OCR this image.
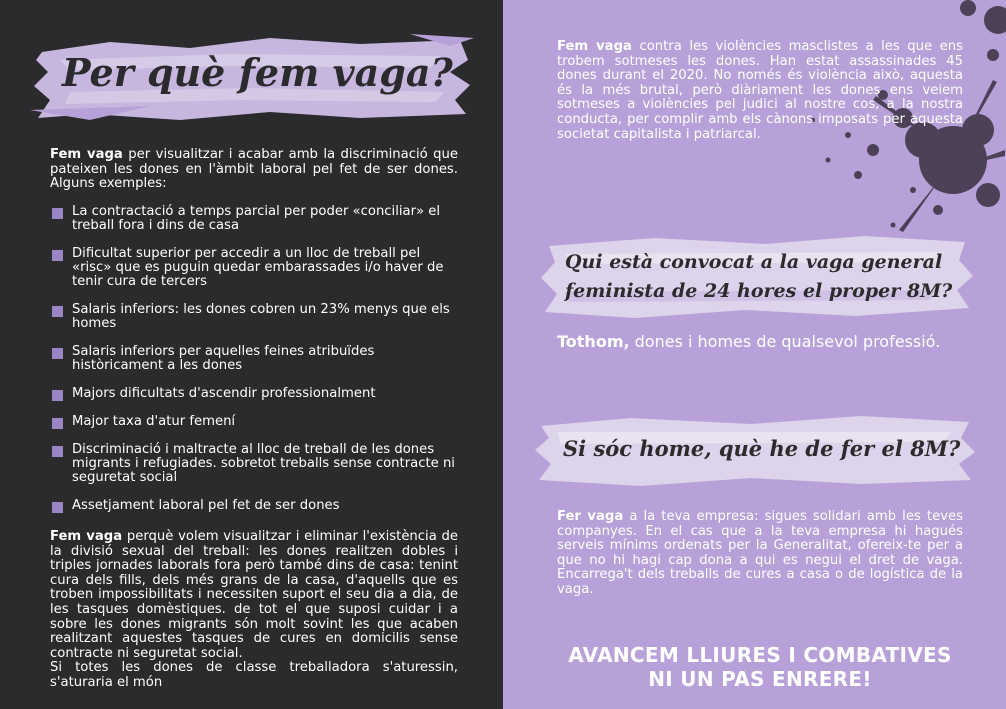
Per què fem vaga?
Fem vaga per visualitzar i acabar amb la discriminació que pateixen les dones en l'àmbit laboral pel fet de ser dones. Alguns exemples:
La contractació a temps parcial per poder «conciliar» el treball fora i dins de casa
Dificultat superior per accedir a un lloc de treball pel «risc» que es puguin quedar embarassades i/o haver de tenir cura de tercers
Salaris inferiors: les dones cobren un 23% menys que els homes
Salaris inferiors per aquelles feines atribuïdes històricament a les dones
Majors dificultats d'ascendir professionalment
Major taxa d'atur femení
Discriminació i maltracte al lloc de treball de les dones migrants i refugiades. sobretot treballs sense contracte ni seguretat social
Assetjament laboral pel fet de ser dones
Fem vaga perquè volem visualitzar i eliminar l'existència de la divisió sexual del treball: les dones realitzen dobles i triples jornades laborals fora però també dins de casa: tenint cura dels fills, dels més grans de la casa, d'aquells que es troben impossibilitats i necessiten suport el seu dia a dia, de les tasques domèstiques. de tot el que suposi cuidar i a sobre les dones migrants són molt sovint les que acaben realitzant aquestes tasques de cures en domicilis sense contracte ni seguretat social.
Si totes les dones de classe treballadora s'aturessin, s'aturaria el món
Fem vaga contra les violències masclistes a les que ens trobem sotmeses les dones. Han estat assassinades 45 dones durant el 2020. No només és violència això, aquesta és la més brutal, però diàriament les dones ens veiem sotmeses a violències pel judici al nostre cos, a la nostra conducta, per complir amb els cànons imposats per aquesta societat capitalista i patriarcal.
Qui està convocat a la vaga general feminista de 24 hores el proper 8M?
Tothom, dones i homes de qualsevol professió.
Si sóc home, què he de fer el 8M?
Fer vaga a la teva empresa: sigues solidari amb les teves companyes. En el cas que a la teva empresa hi hagués serveis mínims ordenats per la Generalitat, ofereix-te per a que no hi hagi cap dona a qui es negui el dret de vaga. Encarrega't dels treballs de cures a casa o de logística de la vaga.
AVANCEM LLIURES I COMBATIVES
NI UN PAS ENRERE!
